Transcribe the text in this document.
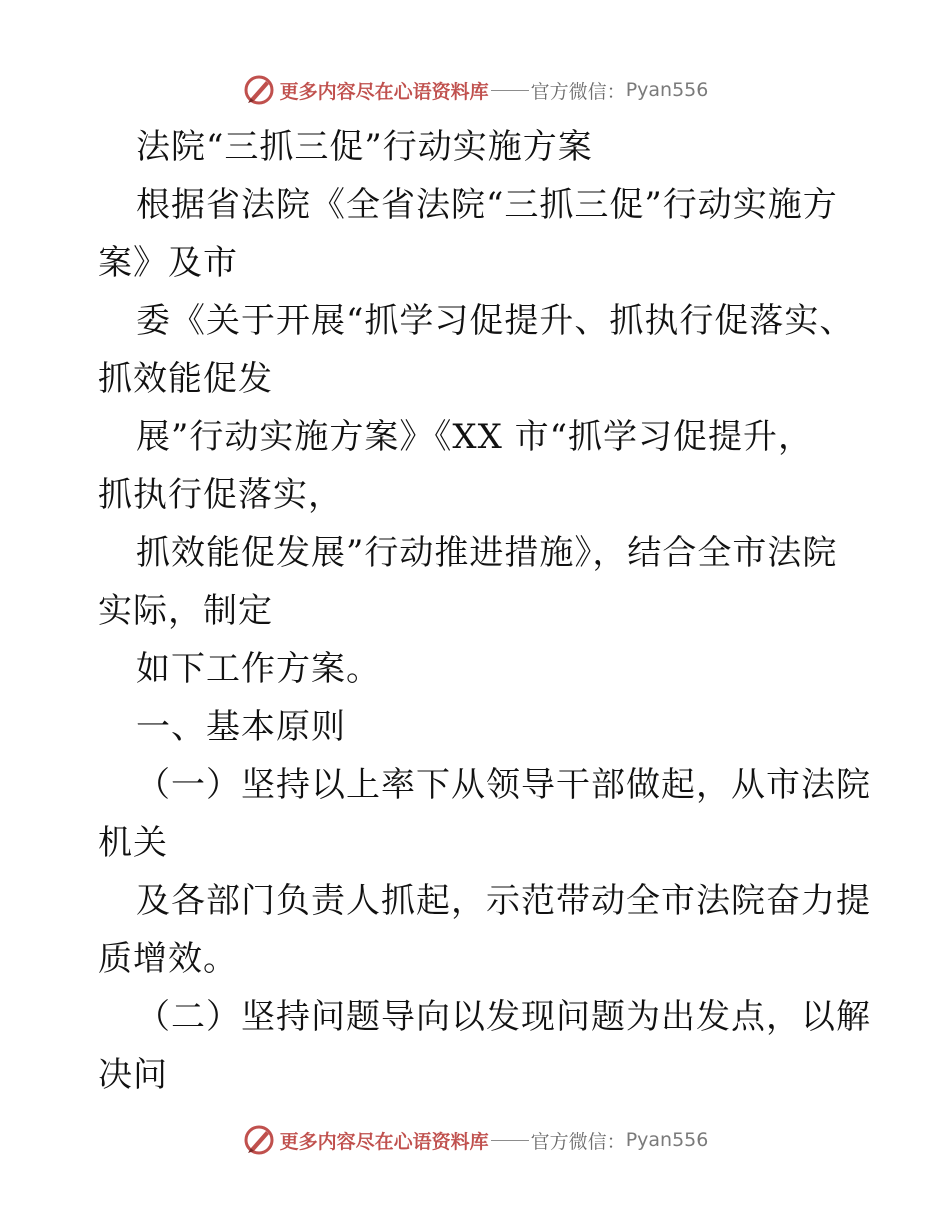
更多内容尽在心语资料库 官方微信： Pyan556
法院“三抓三促”行动实施方案
根据省法院《全省法院“三抓三促”行动实施方
案》及市
委《关于开展“抓学习促提升、抓执行促落实、
抓效能促发
展”行动实施方案》《XX 市“抓学习促提升，
抓执行促落实，
抓效能促发展”行动推进措施》，结合全市法院
实际，制定
如下工作方案。
一、基本原则
（一）坚持以上率下从领导干部做起，从市法院
机关
及各部门负责人抓起，示范带动全市法院奋力提
质增效。
（二）坚持问题导向以发现问题为出发点，以解
决问
更多内容尽在心语资料库 官方微信： Pyan556
